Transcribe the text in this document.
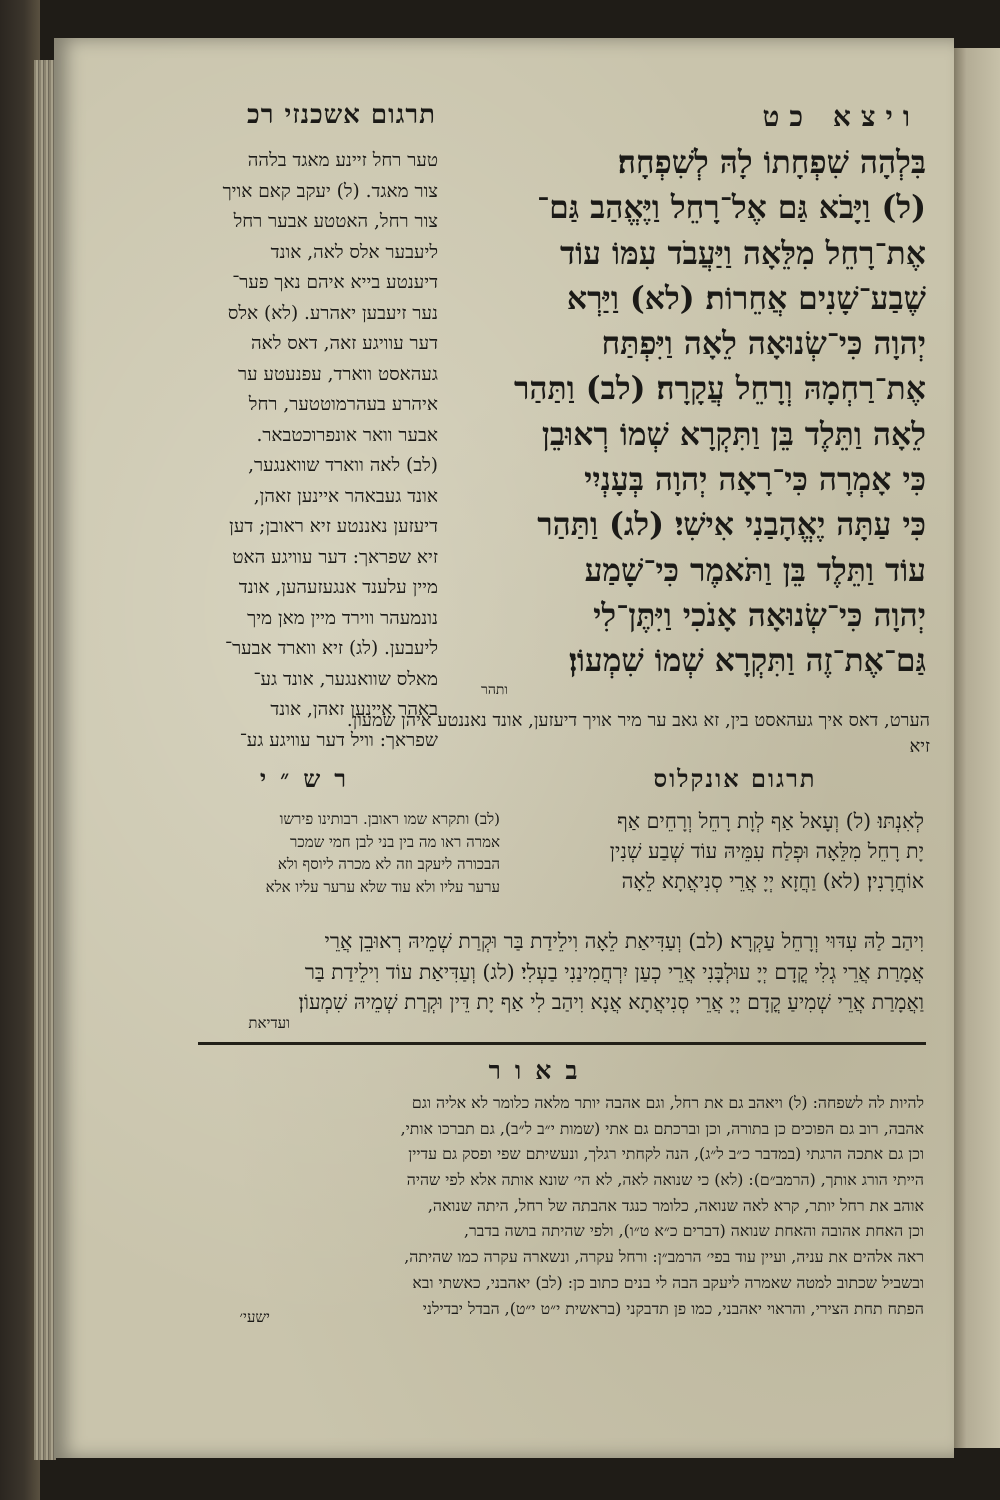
תרגום אשכנזי רכ	ויצא כט
בִּלְהָה שִׁפְחָתוֹ לָהּ לְשִׁפְחָה׃
(ל) וַיָּבֹא גַּם אֶל־רָחֵל וַיֶּאֱהַב גַּם־
אֶת־רָחֵל מִלֵּאָה וַיַּעֲבֹד עִמּוֹ עוֹד
שֶׁבַע־שָׁנִים אֲחֵרוֹת׃ (לא) וַיַּרְא
יְהוָה כִּי־שְׂנוּאָה לֵאָה וַיִּפְתַּח
אֶת־רַחְמָהּ וְרָחֵל עֲקָרָה׃ (לב) וַתַּהַר
לֵאָה וַתֵּלֶד בֵּן וַתִּקְרָא שְׁמוֹ רְאוּבֵן
כִּי אָמְרָה כִּי־רָאָה יְהוָה בְּעָנְיִי
כִּי עַתָּה יֶאֱהָבַנִי אִישִׁי׃ (לג) וַתַּהַר
עוֹד וַתֵּלֶד בֵּן וַתֹּאמֶר כִּי־שָׁמַע
יְהוָה כִּי־שְׂנוּאָה אָנֹכִי וַיִּתֶּן־לִי
גַּם־אֶת־זֶה וַתִּקְרָא שְׁמוֹ שִׁמְעוֹן׃
ותהר
טער רחל זיינע מאגד בלהה
צור מאגד. (ל) יעקב קאם אויך
צור רחל, האטטע אבער רחל
ליעבער אלס לאה, אונד
דיענטע בייא איהם נאך פער־
נער זיעבען יאהרע. (לא) אלס
דער עוויגע זאה, דאס לאה
געהאסט ווארד, עפנעטע ער
איהרע בעהרמוטטער, רחל
אבער וואר אונפרוכטבאר.
(לב) לאה ווארד שוואנגער,
אונד געבאהר איינען זאהן,
דיעזען נאננטע זיא ראובן; דען
זיא שפראך: דער עוויגע האט
מיין עלענד אנגעזעהען, אונד
נונמעהר ווירד מיין מאן מיך
ליעבען. (לג) זיא ווארד אבער־
מאלס שוואנגער, אונד גע־
באהר איינען זאהן, אונד
שפראך: וויל דער עוויגע גע־
הערט, דאס איך געהאסט בין, זא גאב ער מיר אויך דיעזען, אונד נאננטע איהן שמעון.
זיא
תרגום אונקלוס
רש״י
(לב) ותקרא שמו ראובן. רבותינו פירשו
אמרה ראו מה בין בני לבן חמי שמכר
הבכורה ליעקב וזה לא מכרה ליוסף ולא
ערער עליו ולא עוד שלא ערער עליו אלא
לְאִנְתּוּ׃ (ל) וְעָאל אַף לְוָת רָחֵל וְרָחֵים אַף
יָת רָחֵל מִלֵּאָה וּפְלַח עִמֵּיהּ עוֹד שְׁבַע שְׁנִין
אוֹחֲרָנִין׃ (לא) וַחֲזָא יְיָ אֲרֵי סְנִיאֲתָא לֵאָה
וִיהַב לַהּ עִדּוּי וְרָחֵל עַקְרָא׃ (לב) וְעַדִּיאַת לֵאָה וִילֵידַת בַּר וּקְרַת שְׁמֵיהּ רְאוּבֵן אֲרֵי
אֲמָרַת אֲרֵי גְלִי קֳדָם יְיָ עוּלְבָּנִי אֲרֵי כְעַן יִרְחֲמִינַנִי בַעְלִי׃ (לג) וְעַדִּיאַת עוֹד וִילֵידַת בַּר
וַאֲמָרַת אֲרֵי שְׁמִיעַ קֳדָם יְיָ אֲרֵי סְנִיאֲתָא אֲנָא וִיהַב לִי אַף יָת דֵּין וּקְרַת שְׁמֵיהּ שִׁמְעוֹן׃
ועדיאת
באור
להיות לה לשפחה: (ל) ויאהב גם את רחל, וגם אהבה יותר מלאה כלומר לא אליה וגם
אהבה, רוב גם הפוכים כן בתורה, וכן וברכתם גם אתי (שמות י״ב ל״ב), גם תברכו אותי,
וכן גם אתכה הרגתי (במדבר כ״ב ל״ג), הנה לקחתי רגלך, ונעשיתם שפי ופסק גם עדיין
הייתי הורג אותך, (הרמב״ם): (לא) כי שנואה לאה, לא הי׳ שונא אותה אלא לפי שהיה
אוהב את רחל יותר, קרא לאה שנואה, כלומר כנגד אהבתה של רחל, היתה שנואה,
וכן האחת אהובה והאחת שנואה (דברים כ״א ט״ו), ולפי שהיתה בושה בדבר,
ראה אלהים את עניה, ועיין עוד בפי׳ הרמב״ן: ורחל עקרה, ונשארה עקרה כמו שהיתה,
ובשביל שכתוב למטה שאמרה ליעקב הבה לי בנים כתוב כן: (לב) יאהבני, כאשתי ובא
הפתח תחת הצירי, והראוי יאהבני, כמו פן תדבקני (בראשית י״ט י״ט), הבדל יבדילני
ישעי׳
